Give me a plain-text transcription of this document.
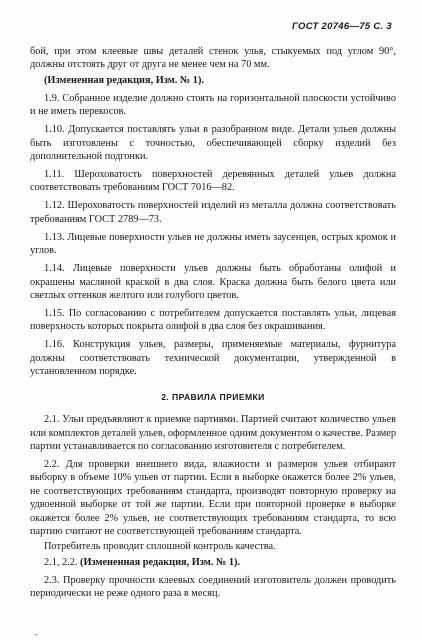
ГОСТ 20746—75 С. 3

бой, при этом клеевые швы деталей стенок улья, стыкуемых под углом 90°, должны отстоять друг от друга не менее чем на 70 мм.

(Измененная редакция, Изм. № 1).

1.9. Собранное изделие должно стоять на горизонтальной плоскости устойчиво и не иметь перекосов.

1.10. Допускается поставлять ульи в разобранном виде. Детали ульев должны быть изготовлены с точностью, обеспечивающей сборку изделий без дополнительной подгонки.

1.11. Шероховатость поверхностей деревянных деталей ульев должна соответствовать требованиям ГОСТ 7016—82.

1.12. Шероховатость поверхностей изделий из металла должна соответствовать требованиям ГОСТ 2789—73.

1.13. Лицевые поверхности ульев не должны иметь заусенцев, острых кромок и углов.

1.14. Лицевые поверхности ульев должны быть обработаны олифой и окрашены масляной краской в два слоя. Краска должна быть белого цвета или светлых оттенков желтого или голубого цветов.

1.15. По согласованию с потребителем допускается поставлять ульи, лицевая поверхность которых покрыта олифой в два слоя без окрашивания.

1.16. Конструкция ульев, размеры, применяемые материалы, фурнитура должны соответствовать технической документации, утвержденной в установленном порядке.

2. ПРАВИЛА ПРИЕМКИ

2.1. Ульи предъявляют к приемке партиями. Партией считают количество ульев или комплектов деталей ульев, оформленное одним документом о качестве. Размер партии устанавливается по согласованию изготовителя с потребителем.

2.2. Для проверки внешнего вида, влажности и размеров ульев отбирают выборку в объеме 10% ульев от партии. Если в выборке окажется более 2% ульев, не соответствующих требованиям стандарта, производят повторную проверку на удвоенной выборке от той же партии. Если при повторной проверке в выборке окажется более 2% ульев, не соответствующих требованиям стандарта, то всю партию считают не соответствующей требованиям стандарта.

Потребитель проводит сплошной контроль качества.

2.1, 2.2. (Измененная редакция, Изм. № 1).

2.3. Проверку прочности клеевых соединений изготовитель должен проводить периодически не реже одного раза в месяц.

-
